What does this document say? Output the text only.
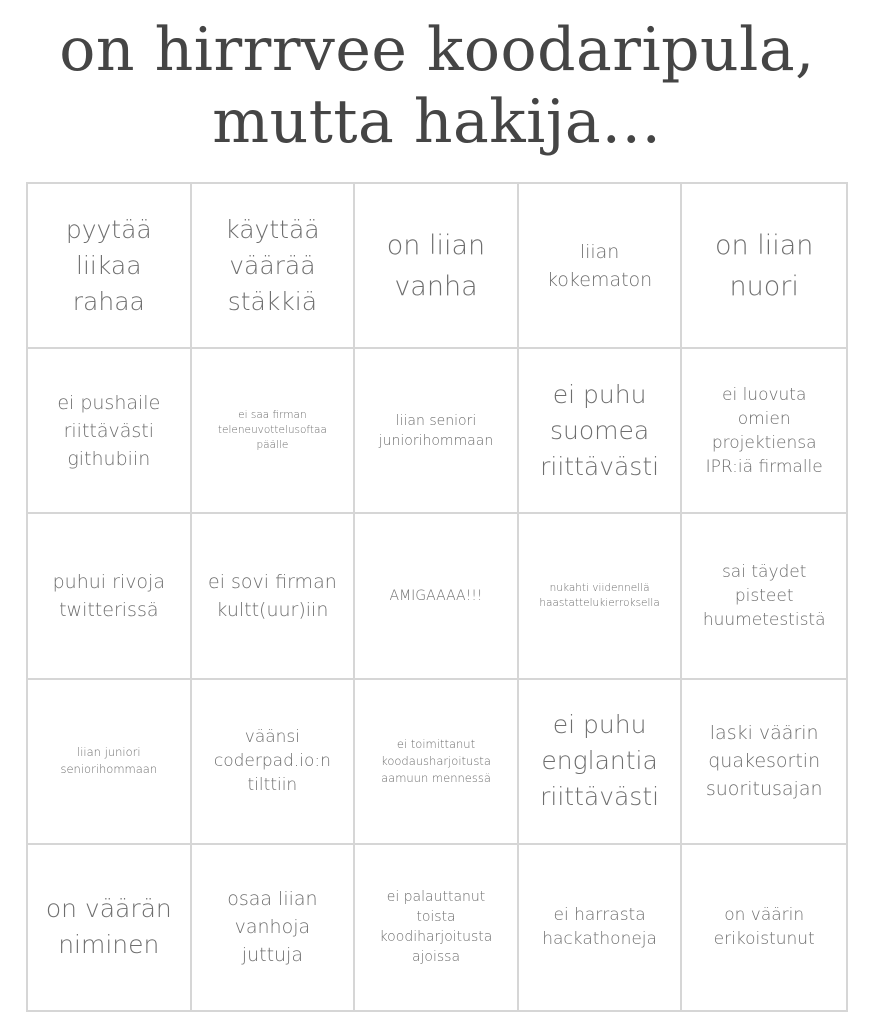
on hirrrvee koodaripula,
mutta hakija…
pyytää liikaa rahaa
käyttää väärää stäkkiä
on liian vanha
liian kokematon
on liian nuori
ei pushaile riittävästi githubiin
ei saa firman teleneuvottelusoftaa päälle
liian seniori juniorihommaan
ei puhu suomea riittävästi
ei luovuta omien projektiensa IPR:iä firmalle
puhui rivoja twitterissä
ei sovi firman kultt(uur)iin
AMIGAAAA!!!	nukahti viidennellä haastattelukierroksella
sai täydet pisteet huumetestistä
liian juniori seniorihommaan
väänsi coderpad.io:n tilttiin
ei toimittanut koodausharjoitusta aamuun mennessä
ei puhu englantia riittävästi
laski väärin quakesortin suoritusajan
on väärän niminen
osaa liian vanhoja juttuja
ei palauttanut toista koodiharjoitusta ajoissa
ei harrasta hackathoneja
on väärin erikoistunut
